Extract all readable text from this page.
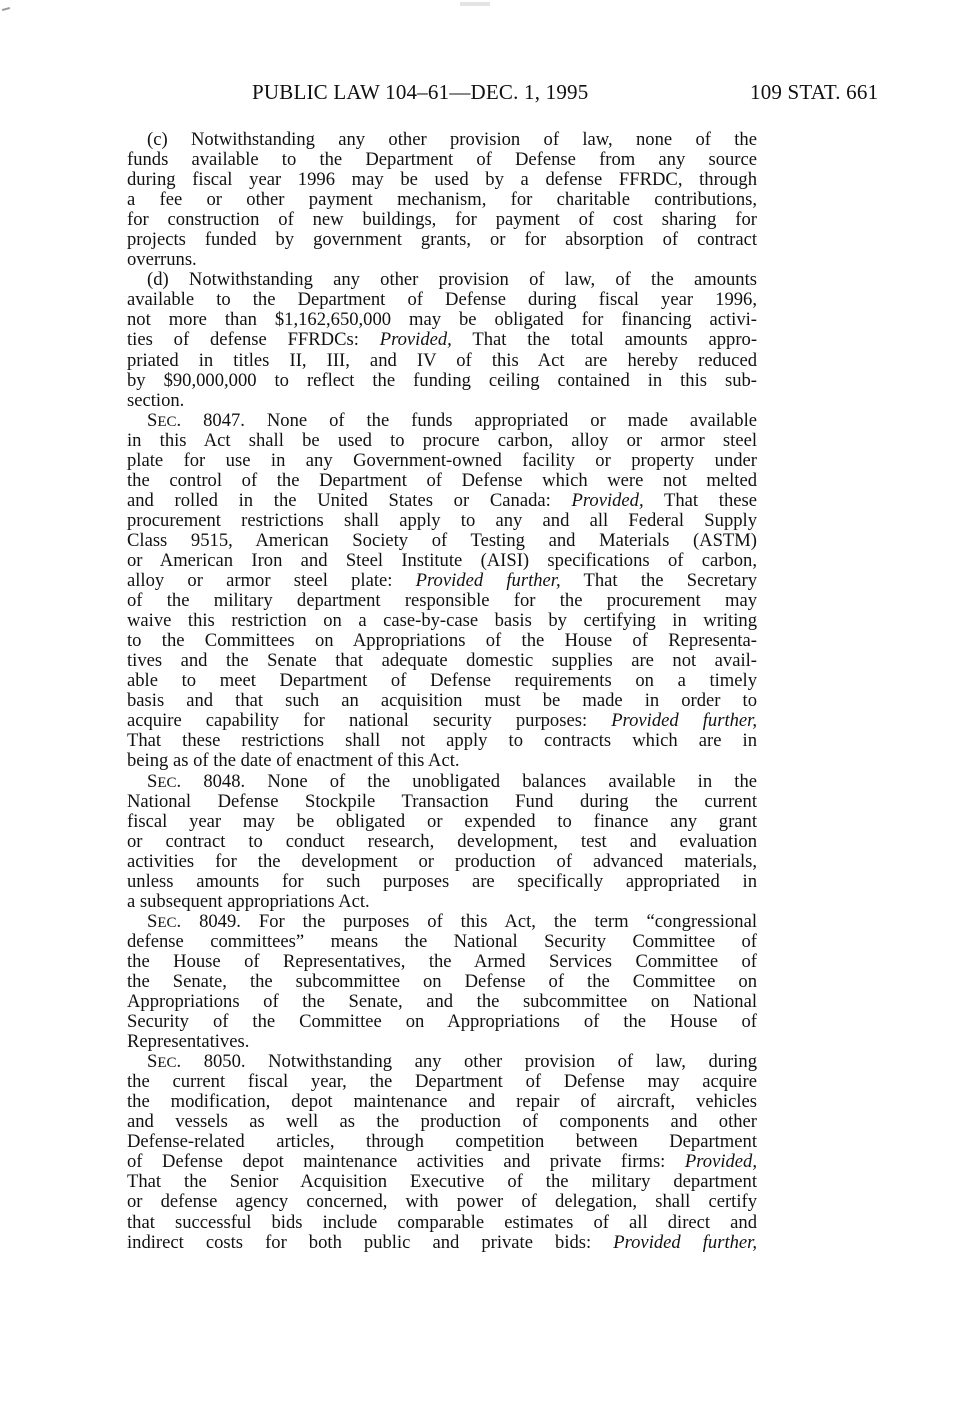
PUBLIC LAW 104–61—DEC. 1, 1995	109 STAT. 661
(c) Notwithstanding any other provision of law, none of the
funds available to the Department of Defense from any source
during fiscal year 1996 may be used by a defense FFRDC, through
a fee or other payment mechanism, for charitable contributions,
for construction of new buildings, for payment of cost sharing for
projects funded by government grants, or for absorption of contract
overruns.
(d) Notwithstanding any other provision of law, of the amounts
available to the Department of Defense during fiscal year 1996,
not more than $1,162,650,000 may be obligated for financing activi-
ties of defense FFRDCs: Provided, That the total amounts appro-
priated in titles II, III, and IV of this Act are hereby reduced
by $90,000,000 to reflect the funding ceiling contained in this sub-
section.
SEC. 8047. None of the funds appropriated or made available
in this Act shall be used to procure carbon, alloy or armor steel
plate for use in any Government-owned facility or property under
the control of the Department of Defense which were not melted
and rolled in the United States or Canada: Provided, That these
procurement restrictions shall apply to any and all Federal Supply
Class 9515, American Society of Testing and Materials (ASTM)
or American Iron and Steel Institute (AISI) specifications of carbon,
alloy or armor steel plate: Provided further, That the Secretary
of the military department responsible for the procurement may
waive this restriction on a case-by-case basis by certifying in writing
to the Committees on Appropriations of the House of Representa-
tives and the Senate that adequate domestic supplies are not avail-
able to meet Department of Defense requirements on a timely
basis and that such an acquisition must be made in order to
acquire capability for national security purposes: Provided further,
That these restrictions shall not apply to contracts which are in
being as of the date of enactment of this Act.
SEC. 8048. None of the unobligated balances available in the
National Defense Stockpile Transaction Fund during the current
fiscal year may be obligated or expended to finance any grant
or contract to conduct research, development, test and evaluation
activities for the development or production of advanced materials,
unless amounts for such purposes are specifically appropriated in
a subsequent appropriations Act.
SEC. 8049. For the purposes of this Act, the term “congressional
defense committees” means the National Security Committee of
the House of Representatives, the Armed Services Committee of
the Senate, the subcommittee on Defense of the Committee on
Appropriations of the Senate, and the subcommittee on National
Security of the Committee on Appropriations of the House of
Representatives.
SEC. 8050. Notwithstanding any other provision of law, during
the current fiscal year, the Department of Defense may acquire
the modification, depot maintenance and repair of aircraft, vehicles
and vessels as well as the production of components and other
Defense-related articles, through competition between Department
of Defense depot maintenance activities and private firms: Provided,
That the Senior Acquisition Executive of the military department
or defense agency concerned, with power of delegation, shall certify
that successful bids include comparable estimates of all direct and
indirect costs for both public and private bids: Provided further,
